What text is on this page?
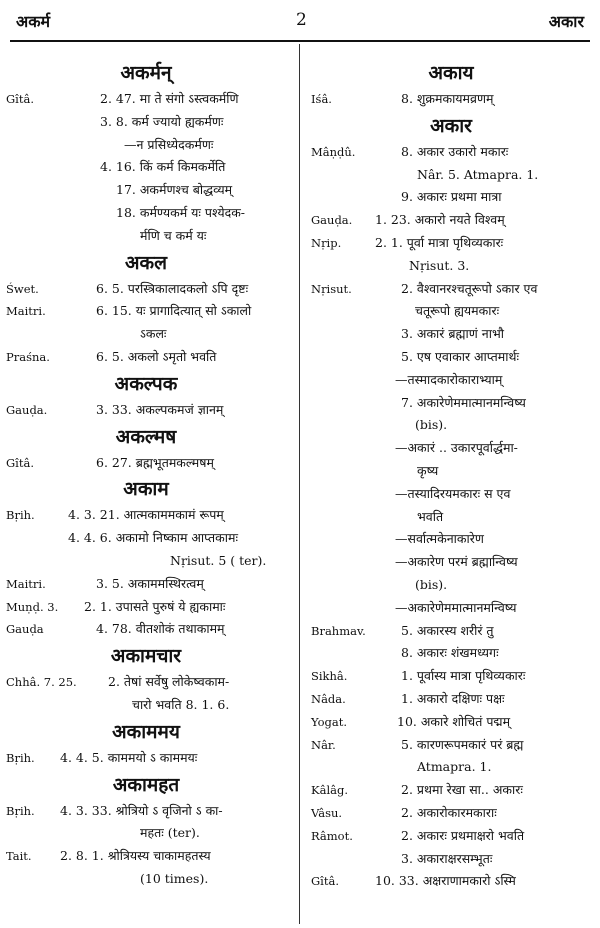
अकर्म	2	अकार
अकर्मन्
Gîtâ.	2. 47. मा ते संगो ऽस्त्वकर्मणि
3. 8. कर्म ज्यायो ह्यकर्मणः
—न प्रसिध्येदकर्मणः
4. 16. किं कर्म किमकर्मेति
17. अकर्मणश्च बोद्धव्यम्
18. कर्मण्यकर्म यः पश्येदक-
र्मणि च कर्म यः
अकल
Śwet.	6. 5. परस्त्रिकालादकलो ऽपि दृष्टः
Maitri.	6. 15. यः प्रागादित्यात् सो ऽकालो
ऽकलः
Praśna.	6. 5. अकलो ऽमृतो भवति
अकल्पक
Gauḍa.	3. 33. अकल्पकमजं ज्ञानम्
अकल्मष
Gîtâ.	6. 27. ब्रह्मभूतमकल्मषम्
अकाम
Bṛih.	4. 3. 21. आत्मकाममकामं रूपम्
4. 4. 6. अकामो निष्काम आप्तकामः
Nṛisut. 5 ( ter).
Maitri.	3. 5. अकाममस्थिरत्वम्
Muṇḍ. 3.	2. 1. उपासते पुरुषं ये ह्यकामाः
Gauḍa	4. 78. वीतशोकं तथाकामम्
अकामचार
Chhâ. 7. 25.	2. तेषां सर्वेषु लोकेष्वकाम-
चारो भवति 8. 1. 6.
अकाममय
Bṛih.	4. 4. 5. काममयो ऽ काममयः
अकामहत
Bṛih.	4. 3. 33. श्रोत्रियो ऽ वृजिनो ऽ का-
महतः (ter).
Tait.	2. 8. 1. श्रोत्रियस्य चाकामहतस्य
(10 times).
अकाय
Iśâ.	8. शुक्रमकायमव्रणम्
अकार
Mâṇḍû.	8. अकार उकारो मकारः
Nâr. 5. Atmapra. 1.
9. अकारः प्रथमा मात्रा
Gauḍa.	1. 23. अकारो नयते विश्वम्
Nṛip.	2. 1. पूर्वा मात्रा पृथिव्यकारः
Nṛisut. 3.
Nṛisut.	2. वैश्वानरश्चतूरूपो ऽकार एव
चतूरूपो ह्ययमकारः
3. अकारं ब्रह्माणं नाभौ
5. एष एवाकार आप्तमार्थः
—तस्मादकारोकाराभ्याम्
7. अकारेणेममात्मानमन्विष्य
(bis).
—अकारं .. उकारपूर्वार्द्धमा-
कृष्य
—तस्यादिरयमकारः स एव
भवति
—सर्वात्मकेनाकारेण
—अकारेण परमं ब्रह्मान्विष्य
(bis).
—अकारेणेममात्मानमन्विष्य
Brahmav.	5. अकारस्य शरीरं तु
8. अकारः शंखमध्यगः
Sikhâ.	1. पूर्वास्य मात्रा पृथिव्यकारः
Nâda.	1. अकारो दक्षिणः पक्षः
Yogat.	10. अकारे शोचितं पद्मम्
Nâr.	5. कारणरूपमकारं परं ब्रह्म
Atmapra. 1.
Kâlâg.	2. प्रथमा रेखा सा.. अकारः
Vâsu.	2. अकारोकारमकाराः
Râmot.	2. अकारः प्रथमाक्षरो भवति
3. अकाराक्षरसम्भूतः
Gîtâ.	10. 33. अक्षराणामकारो ऽस्मि
